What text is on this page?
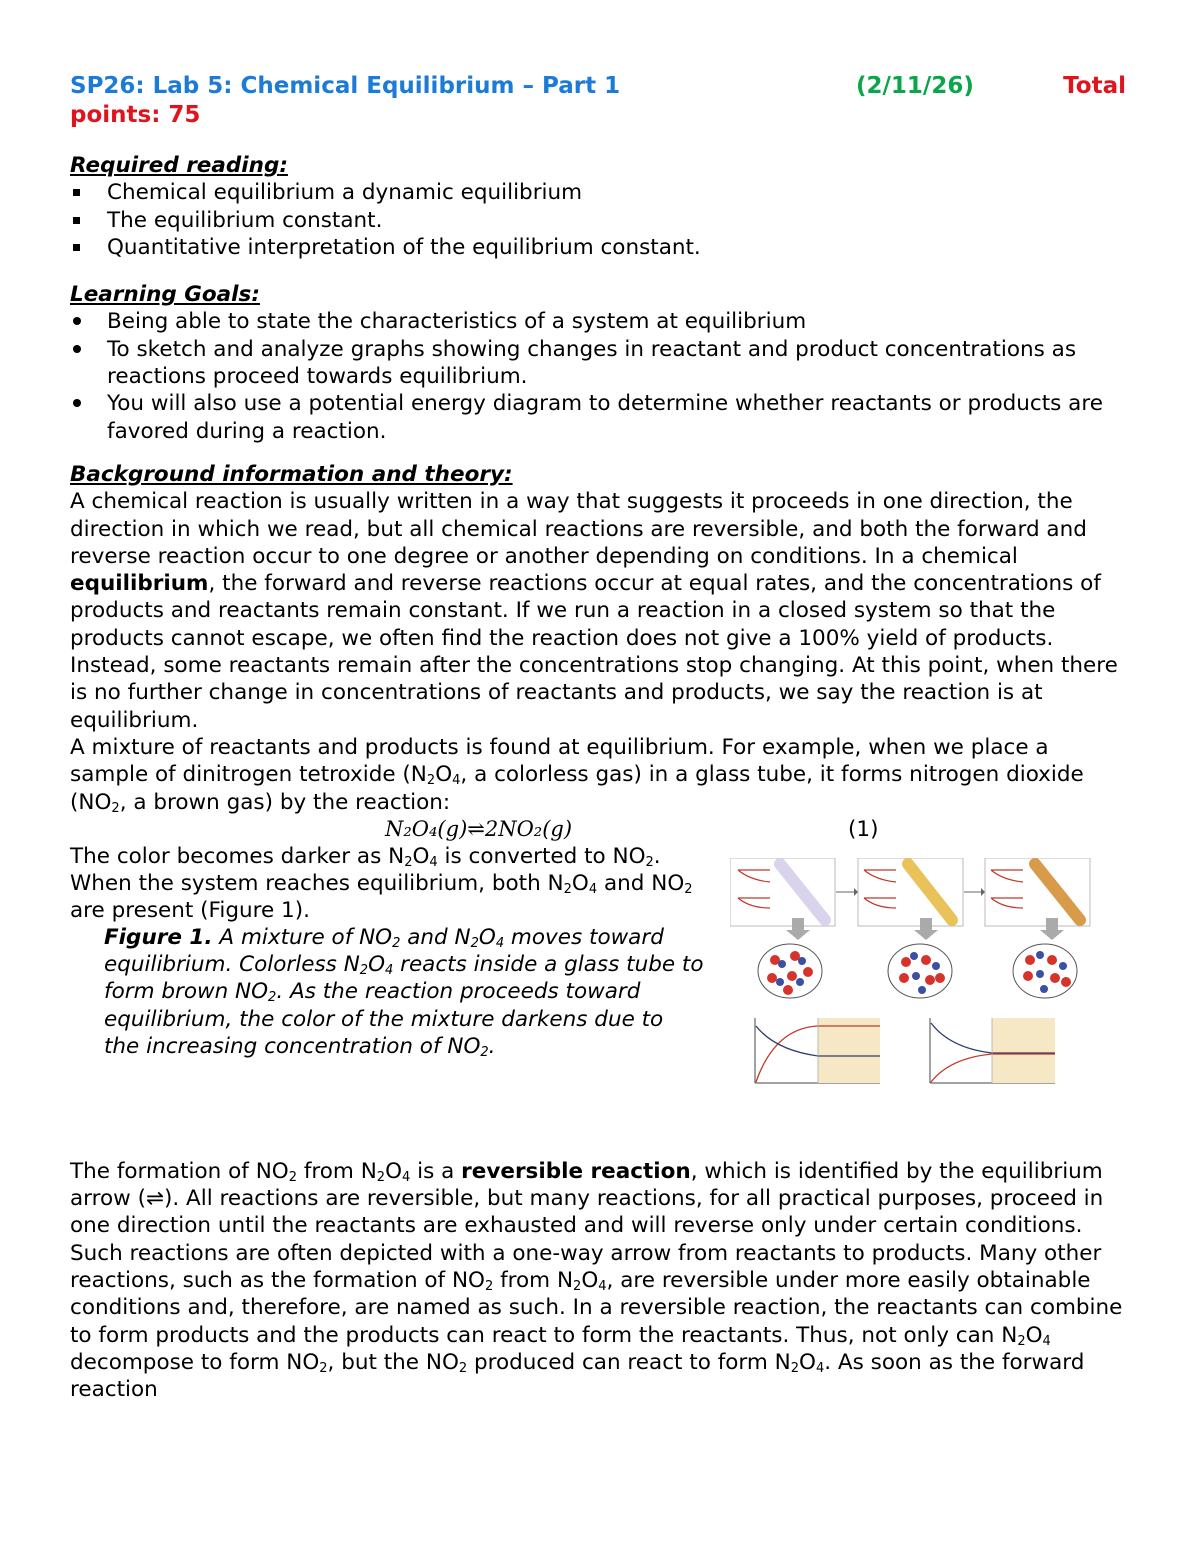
SP26: Lab 5: Chemical Equilibrium – Part 1	(2/11/26)	Total
points: 75
Required reading:
Chemical equilibrium a dynamic equilibrium
The equilibrium constant.
Quantitative interpretation of the equilibrium constant.
Learning Goals:
Being able to state the characteristics of a system at equilibrium
To sketch and analyze graphs showing changes in reactant and product concentrations as reactions proceed towards equilibrium.
You will also use a potential energy diagram to determine whether reactants or products are favored during a reaction.
Background information and theory:

A chemical reaction is usually written in a way that suggests it proceeds in one direction, the direction in which we read, but all chemical reactions are reversible, and both the forward and reverse reaction occur to one degree or another depending on conditions. In a chemical equilibrium, the forward and reverse reactions occur at equal rates, and the concentrations of products and reactants remain constant. If we run a reaction in a closed system so that the products cannot escape, we often find the reaction does not give a 100% yield of products. Instead, some reactants remain after the concentrations stop changing. At this point, when there is no further change in concentrations of reactants and products, we say the reaction is at equilibrium.

A mixture of reactants and products is found at equilibrium. For example, when we place a sample of dinitrogen tetroxide ($N_2O_4$, a colorless gas) in a glass tube, it forms nitrogen dioxide ($NO_2$, a brown gas) by the reaction:

N₂O₄(g)⇌2NO₂(g)	(1)
The color becomes darker as $N_2O_4$ is converted to $NO_2$. When the system reaches equilibrium, both $N_2O_4$ and $NO_2$ are present (Figure 1).
Figure 1. A mixture of $NO_2$ and $N_2O_4$ moves toward equilibrium. Colorless $N_2O_4$ reacts inside a glass tube to form brown $NO_2$. As the reaction proceeds toward equilibrium, the color of the mixture darkens due to the increasing concentration of $NO_2$.

The formation of $NO_2$ from $N_2O_4$ is a reversible reaction, which is identified by the equilibrium arrow (⇌). All reactions are reversible, but many reactions, for all practical purposes, proceed in one direction until the reactants are exhausted and will reverse only under certain conditions. Such reactions are often depicted with a one-way arrow from reactants to products. Many other reactions, such as the formation of $NO_2$ from $N_2O_4$, are reversible under more easily obtainable conditions and, therefore, are named as such. In a reversible reaction, the reactants can combine to form products and the products can react to form the reactants. Thus, not only can $N_2O_4$ decompose to form $NO_2$, but the $NO_2$ produced can react to form $N_2O_4$. As soon as the forward reaction
